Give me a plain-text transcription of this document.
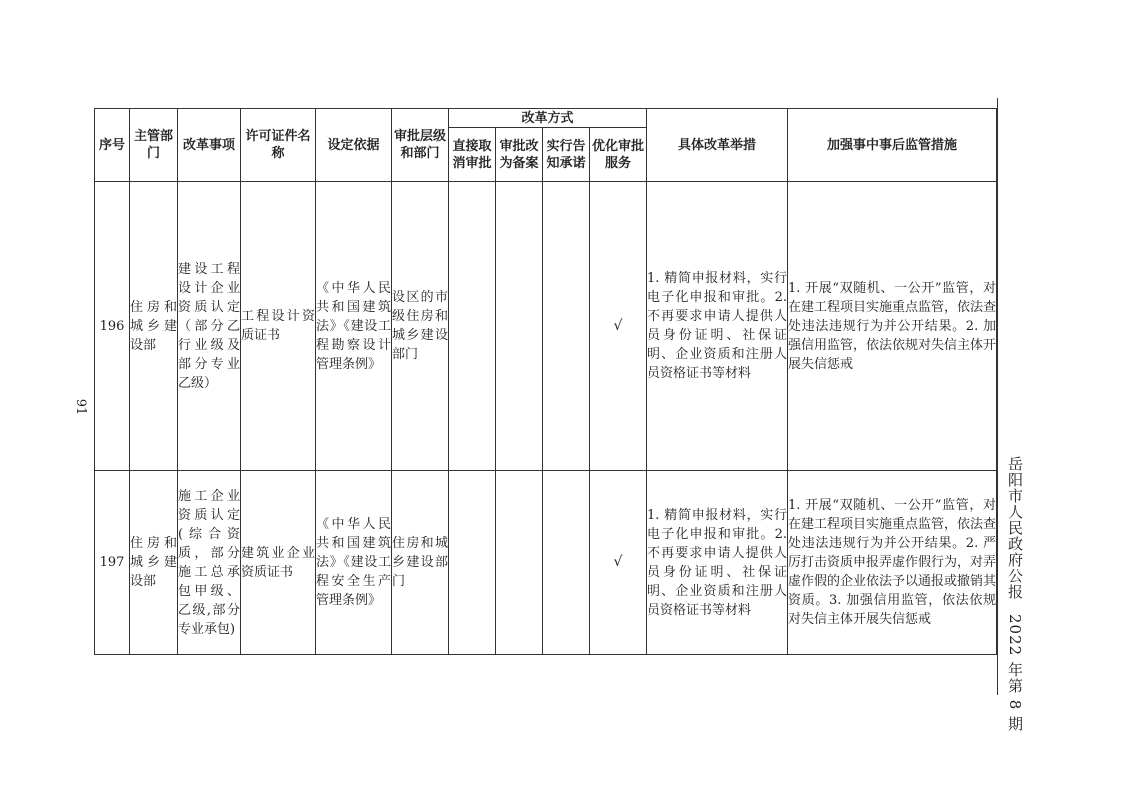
91
岳阳市人民政府公报2022 年第 8 期
序号	主管部门	改革事项	许可证件名称	设定依据	审批层级和部门	改革方式				具体改革举措	加强事中事后监管措施
						直接取消审批	审批改为备案	实行告知承诺	优化审批服务		
196	住房和城乡建设部	建设工程设计企业资质认定（部分乙行业级及部分专业乙级）	工程设计资质证书	《中华人民共和国建筑法》《建设工程勘察设计管理条例》	设区的市级住房和城乡建设部门				√	1. 精简申报材料，实行电子化申报和审批。2. 不再要求申请人提供人员身份证明、社保证明、企业资质和注册人员资格证书等材料	1. 开展“双随机、一公开”监管，对在建工程项目实施重点监管，依法查处违法违规行为并公开结果。2. 加强信用监管，依法依规对失信主体开展失信惩戒
197	住房和城乡建设部	施工企业资质认定(综合资质，部分施工总承包甲级、乙级,部分专业承包)	建筑业企业资质证书	《中华人民共和国建筑法》《建设工程安全生产管理条例》	住房和城乡建设部门				√	1. 精简申报材料，实行电子化申报和审批。2. 不再要求申请人提供人员身份证明、社保证明、企业资质和注册人员资格证书等材料	1. 开展“双随机、一公开”监管，对在建工程项目实施重点监管，依法查处违法违规行为并公开结果。2. 严厉打击资质申报弄虚作假行为，对弄虚作假的企业依法予以通报或撤销其资质。3. 加强信用监管，依法依规对失信主体开展失信惩戒
